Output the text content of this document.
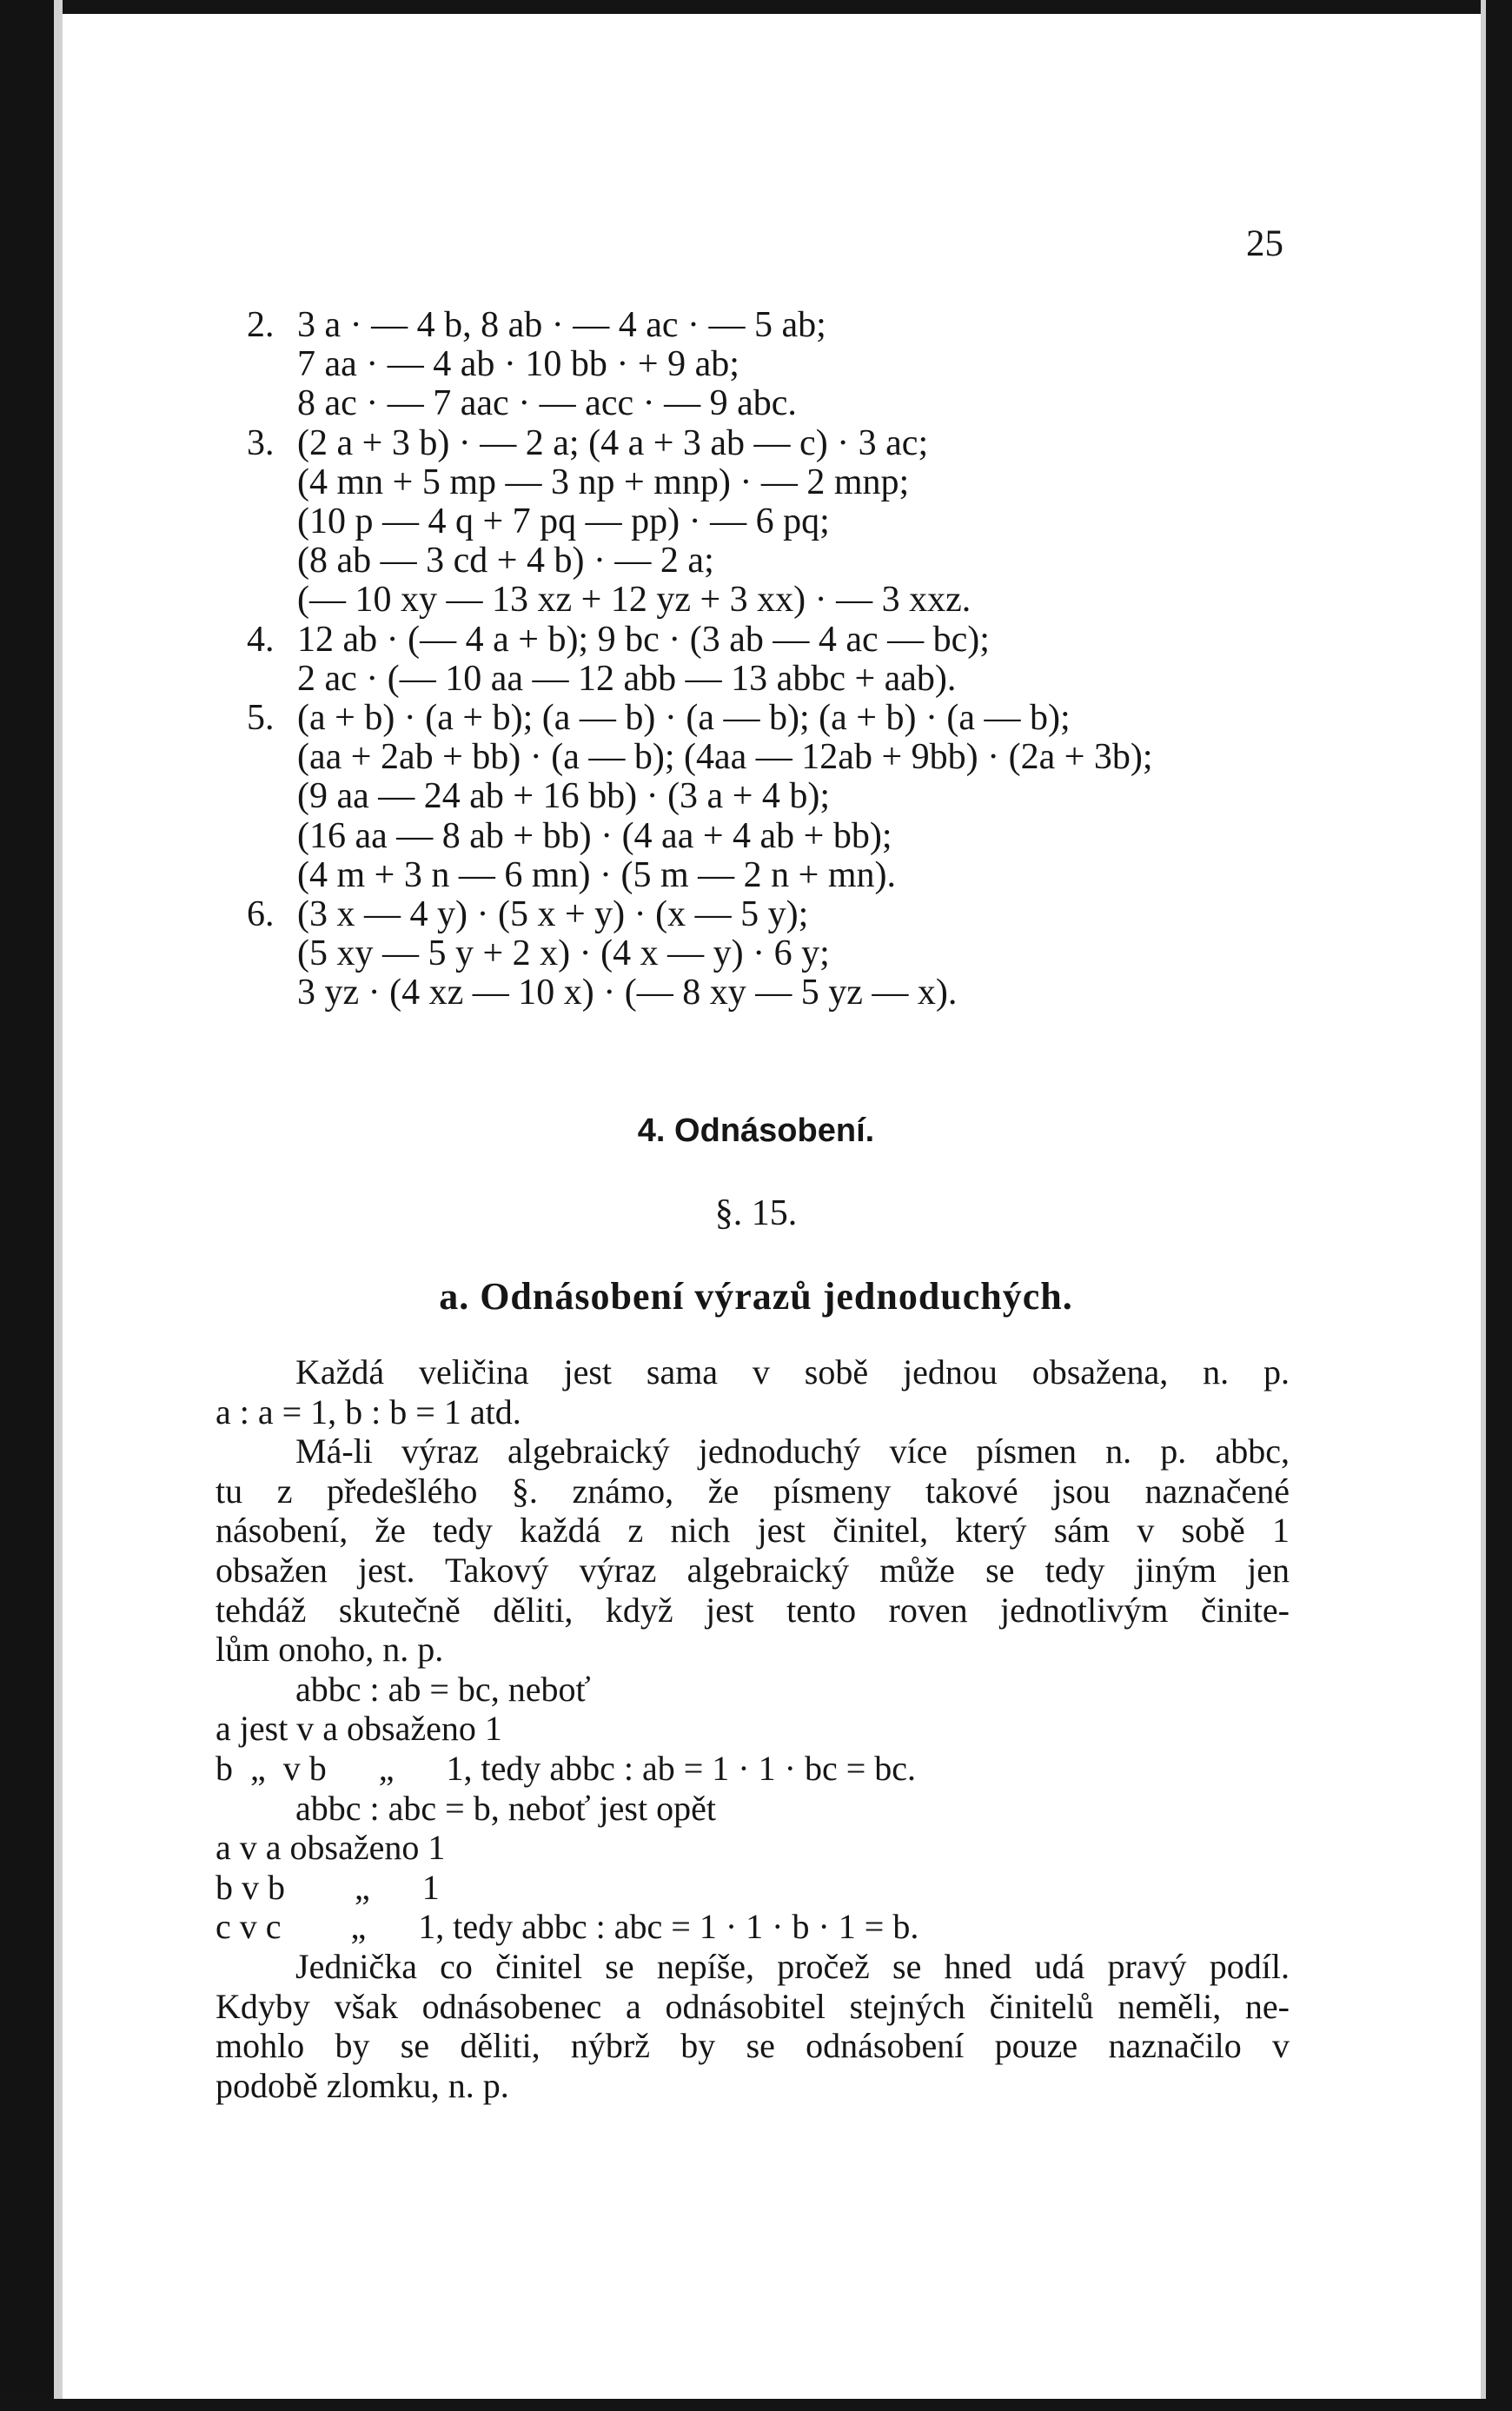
25
2. 3 a · — 4 b, 8 ab · — 4 ac · — 5 ab;
7 aa · — 4 ab · 10 bb · + 9 ab;
8 ac · — 7 aac · — acc · — 9 abc.
3. (2 a + 3 b) · — 2 a; (4 a + 3 ab — c) · 3 ac;
(4 mn + 5 mp — 3 np + mnp) · — 2 mnp;
(10 p — 4 q + 7 pq — pp) · — 6 pq;
(8 ab — 3 cd + 4 b) · — 2 a;
(— 10 xy — 13 xz + 12 yz + 3 xx) · — 3 xxz.
4. 12 ab · (— 4 a + b); 9 bc · (3 ab — 4 ac — bc);
2 ac · (— 10 aa — 12 abb — 13 abbc + aab).
5. (a + b) · (a + b); (a — b) · (a — b); (a + b) · (a — b);
(aa + 2ab + bb) · (a — b); (4aa — 12ab + 9bb) · (2a + 3b);
(9 aa — 24 ab + 16 bb) · (3 a + 4 b);
(16 aa — 8 ab + bb) · (4 aa + 4 ab + bb);
(4 m + 3 n — 6 mn) · (5 m — 2 n + mn).
6. (3 x — 4 y) · (5 x + y) · (x — 5 y);
(5 xy — 5 y + 2 x) · (4 x — y) · 6 y;
3 yz · (4 xz — 10 x) · (— 8 xy — 5 yz — x).
4. Odnásobení.
§. 15.
a. Odnásobení výrazů jednoduchých.
Každá veličina jest sama v sobě jednou obsažena, n. p.
a : a = 1, b : b = 1 atd.
Má-li výraz algebraický jednoduchý více písmen n. p. abbc,
tu z předešlého §. známo, že písmeny takové jsou naznačené
násobení, že tedy každá z nich jest činitel, který sám v sobě 1
obsažen jest. Takový výraz algebraický může se tedy jiným jen
tehdáž skutečně děliti, když jest tento roven jednotlivým činite-
lům onoho, n. p.
abbc : ab = bc, neboť
a jest v a obsaženo 1
b  „  v b      „      1, tedy abbc : ab = 1 · 1 · bc = bc.
abbc : abc = b, neboť jest opět
a v a obsaženo 1
b v b        „      1
c v c        „      1, tedy abbc : abc = 1 · 1 · b · 1 = b.
Jednička co činitel se nepíše, pročež se hned udá pravý podíl.
Kdyby však odnásobenec a odnásobitel stejných činitelů neměli, ne-
mohlo by se děliti, nýbrž by se odnásobení pouze naznačilo v
podobě zlomku, n. p.
